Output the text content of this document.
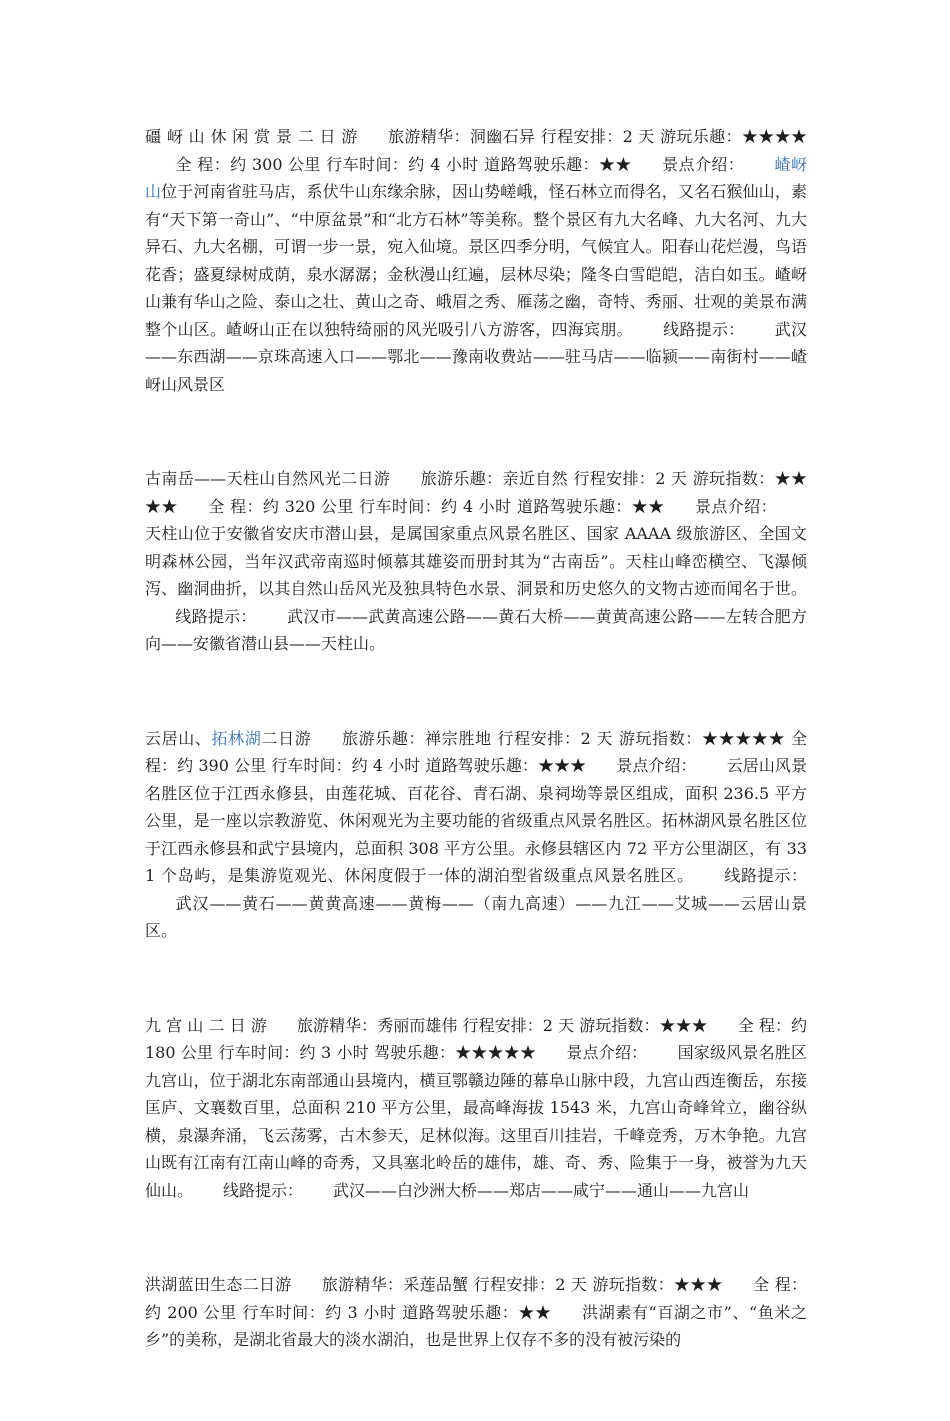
礓 岈 山 休 闲 赏 景 二 日 游 旅游精华：洞幽石异 行程安排：2 天 游玩乐趣：★★★★全 程：约 300 公里 行车时间：约 4 小时 道路驾驶乐趣：★★ 景点介绍： 嵖岈山位于河南省驻马店，系伏牛山东缘余脉，因山势嵯峨，怪石林立而得名，又名石猴仙山，素有“天下第一奇山”、“中原盆景”和“北方石林”等美称。整个景区有九大名峰、九大名河、九大异石、九大名棚，可谓一步一景，宛入仙境。景区四季分明，气候宜人。阳春山花烂漫，鸟语花香；盛夏绿树成荫，泉水潺潺；金秋漫山红遍，层林尽染；隆冬白雪皑皑，洁白如玉。嵖岈山兼有华山之险、泰山之壮、黄山之奇、峨眉之秀、雁荡之幽，奇特、秀丽、壮观的美景布满整个山区。嵖岈山正在以独特绮丽的风光吸引八方游客，四海宾朋。 线路提示： 武汉——东西湖——京珠高速入口——鄂北——豫南收费站——驻马店——临颍——南街村——嵖岈山风景区

古南岳——天柱山自然风光二日游 旅游乐趣：亲近自然 行程安排：2 天 游玩指数：★★★★ 全 程：约 320 公里 行车时间：约 4 小时 道路驾驶乐趣：★★ 景点介绍：天柱山位于安徽省安庆市潜山县，是属国家重点风景名胜区、国家 AAAA 级旅游区、全国文明森林公园，当年汉武帝南巡时倾慕其雄姿而册封其为“古南岳”。天柱山峰峦横空、飞瀑倾泻、幽洞曲折，以其自然山岳风光及独具特色水景、洞景和历史悠久的文物古迹而闻名于世。线路提示： 武汉市——武黄高速公路——黄石大桥——黄黄高速公路——左转合肥方向——安徽省潜山县——天柱山。

云居山、拓林湖二日游 旅游乐趣：禅宗胜地 行程安排：2 天 游玩指数：★★★★★ 全 程：约 390 公里 行车时间：约 4 小时 道路驾驶乐趣：★★★ 景点介绍： 云居山风景名胜区位于江西永修县，由莲花城、百花谷、青石湖、泉祠坳等景区组成，面积 236.5 平方公里，是一座以宗教游览、休闲观光为主要功能的省级重点风景名胜区。拓林湖风景名胜区位于江西永修县和武宁县境内，总面积 308 平方公里。永修县辖区内 72 平方公里湖区，有 331 个岛屿，是集游览观光、休闲度假于一体的湖泊型省级重点风景名胜区。 线路提示：武汉——黄石——黄黄高速——黄梅——（南九高速）——九江——艾城——云居山景区。

九 宫 山 二 日 游 旅游精华：秀丽而雄伟 行程安排：2 天 游玩指数：★★★ 全 程：约 180 公里 行车时间：约 3 小时 驾驶乐趣：★★★★★ 景点介绍： 国家级风景名胜区九宫山，位于湖北东南部通山县境内，横亘鄂赣边陲的幕阜山脉中段，九宫山西连衡岳，东接匡庐、文襄数百里，总面积 210 平方公里，最高峰海拔 1543 米，九宫山奇峰耸立，幽谷纵横，泉瀑奔涌，飞云荡雾，古木参天，足林似海。这里百川挂岩，千峰竞秀，万木争艳。九宫山既有江南有江南山峰的奇秀，又具塞北岭岳的雄伟，雄、奇、秀、险集于一身，被誉为九天仙山。 线路提示： 武汉——白沙洲大桥——郑店——咸宁——通山——九宫山

洪湖蓝田生态二日游 旅游精华：采莲品蟹 行程安排：2 天 游玩指数：★★★ 全 程：约 200 公里 行车时间：约 3 小时 道路驾驶乐趣：★★ 洪湖素有“百湖之市”、“鱼米之乡”的美称，是湖北省最大的淡水湖泊，也是世界上仅存不多的没有被污染的
